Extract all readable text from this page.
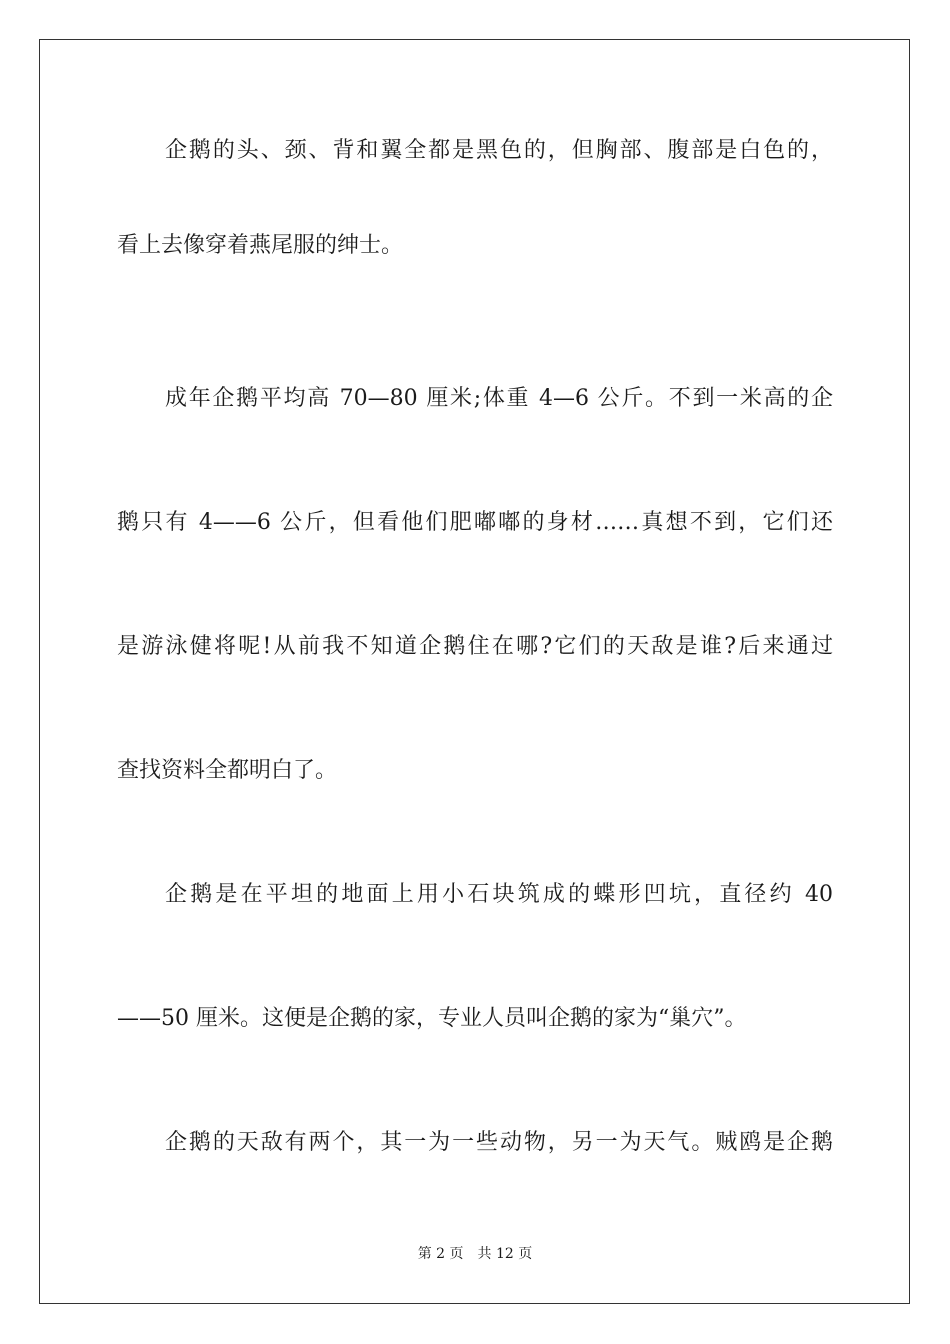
企鹅的头、颈、背和翼全都是黑色的，但胸部、腹部是白色的，
看上去像穿着燕尾服的绅士。
成年企鹅平均高 70—80 厘米;体重 4—6 公斤。不到一米高的企
鹅只有 4——6 公斤，但看他们肥嘟嘟的身材……真想不到，它们还
是游泳健将呢!从前我不知道企鹅住在哪?它们的天敌是谁?后来通过
查找资料全都明白了。
企鹅是在平坦的地面上用小石块筑成的蝶形凹坑，直径约 40
——50 厘米。这便是企鹅的家，专业人员叫企鹅的家为“巢穴”。
企鹅的天敌有两个，其一为一些动物，另一为天气。贼鸥是企鹅
第 2 页 共 12 页
